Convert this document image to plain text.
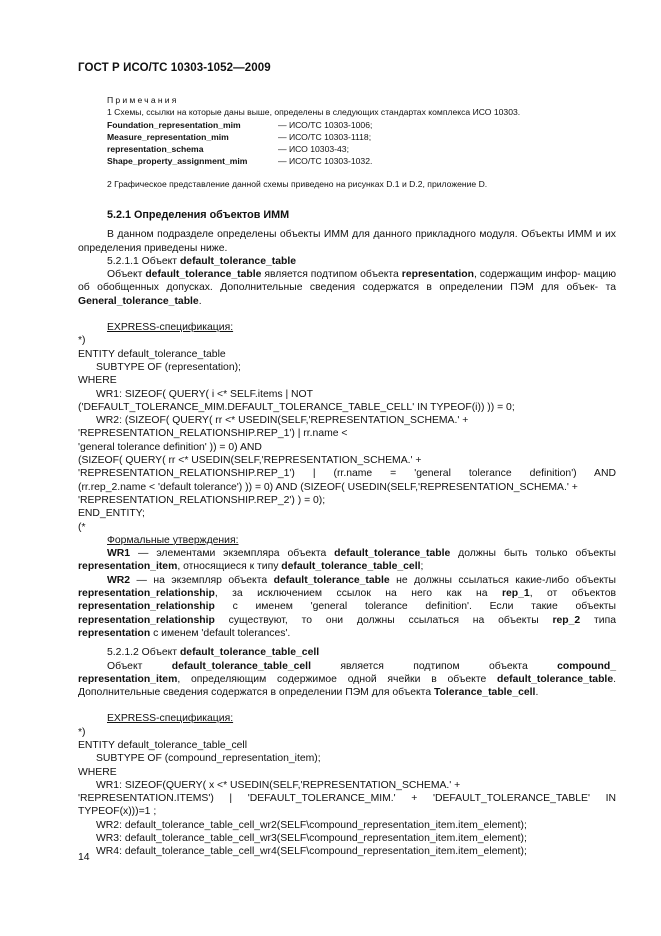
ГОСТ Р ИСО/ТС 10303-1052—2009
Примечания
1 Схемы, ссылки на которые даны выше, определены в следующих стандартах комплекса ИСО 10303.
Foundation_representation_mim	— ИСО/ТС 10303-1006;
Measure_representation_mim	— ИСО/ТС 10303-1118;
representation_schema	— ИСО 10303-43;
Shape_property_assignment_mim	— ИСО/ТС 10303-1032.
2 Графическое представление данной схемы приведено на рисунках D.1 и D.2, приложение D.
5.2.1 Определения объектов ИММ

В данном подразделе определены объекты ИММ для данного прикладного модуля. Объекты ИММ и их определения приведены ниже.

5.2.1.1 Объект default_tolerance_table

Объект default_tolerance_table является подтипом объекта representation, содержащим инфор- мацию об обобщенных допусках. Дополнительные сведения содержатся в определении ПЭМ для объек- та General_tolerance_table.

EXPRESS-спецификация:
*)
ENTITY default_tolerance_table
SUBTYPE OF (representation);
WHERE
WR1: SIZEOF( QUERY( i <* SELF.items | NOT
('DEFAULT_TOLERANCE_MIM.DEFAULT_TOLERANCE_TABLE_CELL' IN TYPEOF(i)) )) = 0;
WR2: (SIZEOF( QUERY( rr <* USEDIN(SELF,'REPRESENTATION_SCHEMA.' +
'REPRESENTATION_RELATIONSHIP.REP_1') | rr.name <
'general tolerance definition' )) = 0) AND
(SIZEOF( QUERY( rr <* USEDIN(SELF,'REPRESENTATION_SCHEMA.' +
'REPRESENTATION_RELATIONSHIP.REP_1') | (rr.name = 'general tolerance definition') AND
(rr.rep_2.name < 'default tolerance') )) = 0) AND (SIZEOF( USEDIN(SELF,'REPRESENTATION_SCHEMA.' +
'REPRESENTATION_RELATIONSHIP.REP_2') ) = 0);
END_ENTITY;
(*
Формальные утверждения:
WR1 — элементами экземпляра объекта default_tolerance_table должны быть только объекты
representation_item, относящиеся к типу default_tolerance_table_cell;
WR2 — на экземпляр объекта default_tolerance_table не должны ссылаться какие-либо объекты
representation_relationship, за исключением ссылок на него как на rep_1, от объектов
representation_relationship с именем 'general tolerance definition'. Если такие объекты
representation_relationship существуют, то они должны ссылаться на объекты rep_2 типа
representation с именем 'default tolerances'.
5.2.1.2 Объект default_tolerance_table_cell
Объект default_tolerance_table_cell является подтипом объекта compound_
representation_item, определяющим содержимое одной ячейки в объекте default_tolerance_table.
Дополнительные сведения содержатся в определении ПЭМ для объекта Tolerance_table_cell.
EXPRESS-спецификация:
*)
ENTITY default_tolerance_table_cell
SUBTYPE OF (compound_representation_item);
WHERE
WR1: SIZEOF(QUERY( x <* USEDIN(SELF,'REPRESENTATION_SCHEMA.' +
'REPRESENTATION.ITEMS') | 'DEFAULT_TOLERANCE_MIM.' + 'DEFAULT_TOLERANCE_TABLE' IN
TYPEOF(x)))=1 ;
WR2: default_tolerance_table_cell_wr2(SELF\compound_representation_item.item_element);
WR3: default_tolerance_table_cell_wr3(SELF\compound_representation_item.item_element);
WR4: default_tolerance_table_cell_wr4(SELF\compound_representation_item.item_element);
14
